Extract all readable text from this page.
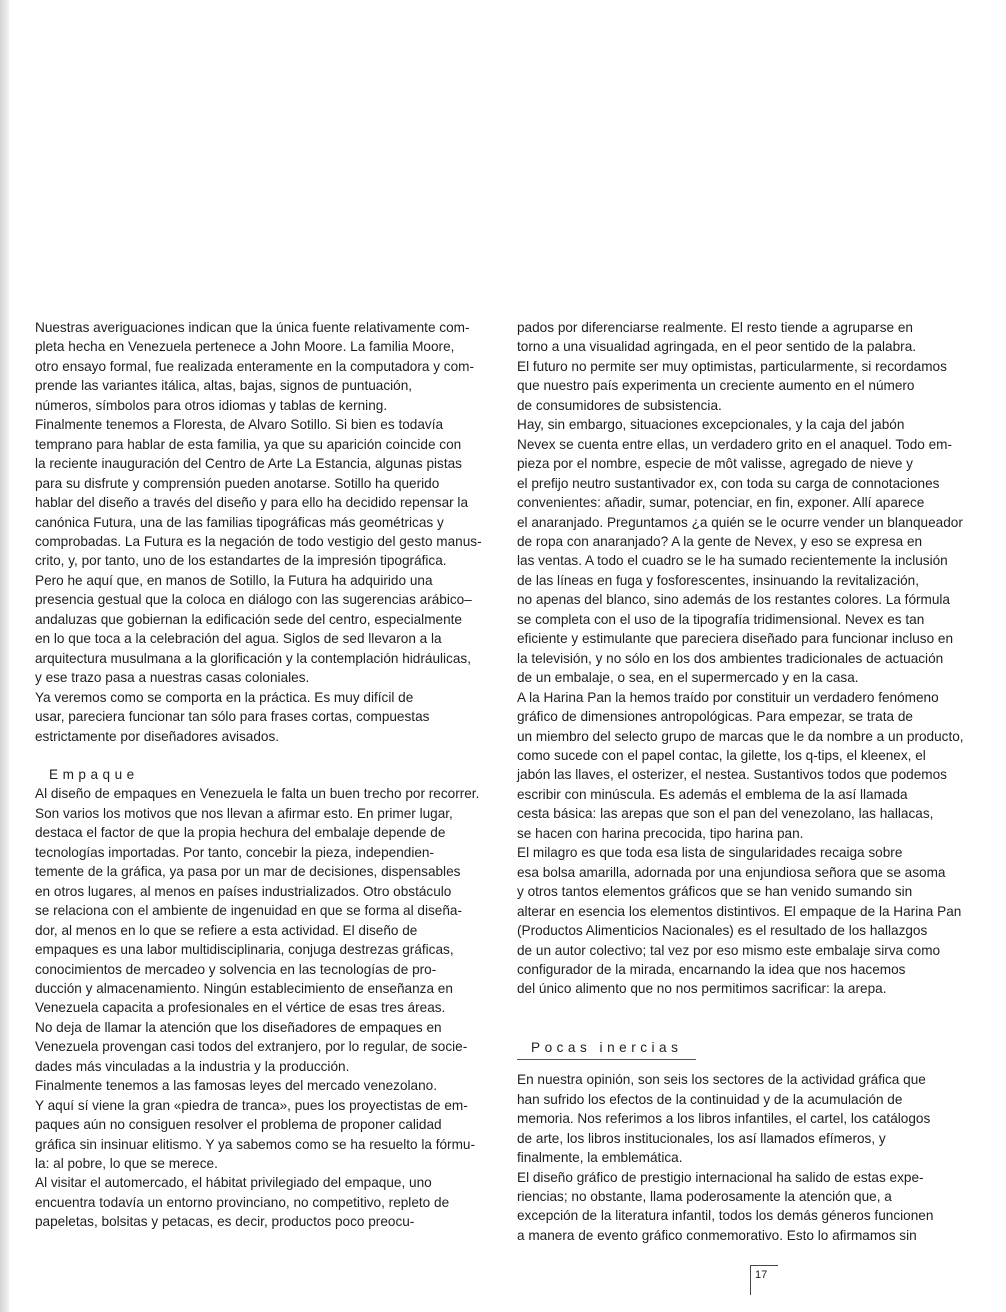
Nuestras averiguaciones indican que la única fuente relativamente com-
pleta hecha en Venezuela pertenece a John Moore. La familia Moore,
otro ensayo formal, fue realizada enteramente en la computadora y com-
prende las variantes itálica, altas, bajas, signos de puntuación,
números, símbolos para otros idiomas y tablas de kerning.
Finalmente tenemos a Floresta, de Alvaro Sotillo. Si bien es todavía
temprano para hablar de esta familia, ya que su aparición coincide con
la reciente inauguración del Centro de Arte La Estancia, algunas pistas
para su disfrute y comprensión pueden anotarse. Sotillo ha querido
hablar del diseño a través del diseño y para ello ha decidido repensar la
canónica Futura, una de las familias tipográficas más geométricas y
comprobadas. La Futura es la negación de todo vestigio del gesto manus-
crito, y, por tanto, uno de los estandartes de la impresión tipográfica.
Pero he aquí que, en manos de Sotillo, la Futura ha adquirido una
presencia gestual que la coloca en diálogo con las sugerencias arábico–
andaluzas que gobiernan la edificación sede del centro, especialmente
en lo que toca a la celebración del agua. Siglos de sed llevaron a la
arquitectura musulmana a la glorificación y la contemplación hidráulicas,
y ese trazo pasa a nuestras casas coloniales.
Ya veremos como se comporta en la práctica. Es muy difícil de
usar, pareciera funcionar tan sólo para frases cortas, compuestas
estrictamente por diseñadores avisados.
Empaque
Al diseño de empaques en Venezuela le falta un buen trecho por recorrer.
Son varios los motivos que nos llevan a afirmar esto. En primer lugar,
destaca el factor de que la propia hechura del embalaje depende de
tecnologías importadas. Por tanto, concebir la pieza, independien-
temente de la gráfica, ya pasa por un mar de decisiones, dispensables
en otros lugares, al menos en países industrializados. Otro obstáculo
se relaciona con el ambiente de ingenuidad en que se forma al diseña-
dor, al menos en lo que se refiere a esta actividad. El diseño de
empaques es una labor multidisciplinaria, conjuga destrezas gráficas,
conocimientos de mercadeo y solvencia en las tecnologías de pro-
ducción y almacenamiento. Ningún establecimiento de enseñanza en
Venezuela capacita a profesionales en el vértice de esas tres áreas.
No deja de llamar la atención que los diseñadores de empaques en
Venezuela provengan casi todos del extranjero, por lo regular, de socie-
dades más vinculadas a la industria y la producción.
Finalmente tenemos a las famosas leyes del mercado venezolano.
Y aquí sí viene la gran «piedra de tranca», pues los proyectistas de em-
paques aún no consiguen resolver el problema de proponer calidad
gráfica sin insinuar elitismo. Y ya sabemos como se ha resuelto la fórmu-
la: al pobre, lo que se merece.
Al visitar el automercado, el hábitat privilegiado del empaque, uno
encuentra todavía un entorno provinciano, no competitivo, repleto de
papeletas, bolsitas y petacas, es decir, productos poco preocu-
pados por diferenciarse realmente. El resto tiende a agruparse en
torno a una visualidad agringada, en el peor sentido de la palabra.
El futuro no permite ser muy optimistas, particularmente, si recordamos
que nuestro país experimenta un creciente aumento en el número
de consumidores de subsistencia.
Hay, sin embargo, situaciones excepcionales, y la caja del jabón
Nevex se cuenta entre ellas, un verdadero grito en el anaquel. Todo em-
pieza por el nombre, especie de môt valisse, agregado de nieve y
el prefijo neutro sustantivador ex, con toda su carga de connotaciones
convenientes: añadir, sumar, potenciar, en fin, exponer. Allí aparece
el anaranjado. Preguntamos ¿a quién se le ocurre vender un blanqueador
de ropa con anaranjado? A la gente de Nevex, y eso se expresa en
las ventas. A todo el cuadro se le ha sumado recientemente la inclusión
de las líneas en fuga y fosforescentes, insinuando la revitalización,
no apenas del blanco, sino además de los restantes colores. La fórmula
se completa con el uso de la tipografía tridimensional. Nevex es tan
eficiente y estimulante que pareciera diseñado para funcionar incluso en
la televisión, y no sólo en los dos ambientes tradicionales de actuación
de un embalaje, o sea, en el supermercado y en la casa.
A la Harina Pan la hemos traído por constituir un verdadero fenómeno
gráfico de dimensiones antropológicas. Para empezar, se trata de
un miembro del selecto grupo de marcas que le da nombre a un producto,
como sucede con el papel contac, la gilette, los q-tips, el kleenex, el
jabón las llaves, el osterizer, el nestea. Sustantivos todos que podemos
escribir con minúscula. Es además el emblema de la así llamada
cesta básica: las arepas que son el pan del venezolano, las hallacas,
se hacen con harina precocida, tipo harina pan.
El milagro es que toda esa lista de singularidades recaiga sobre
esa bolsa amarilla, adornada por una enjundiosa señora que se asoma
y otros tantos elementos gráficos que se han venido sumando sin
alterar en esencia los elementos distintivos. El empaque de la Harina Pan
(Productos Alimenticios Nacionales) es el resultado de los hallazgos
de un autor colectivo; tal vez por eso mismo este embalaje sirva como
configurador de la mirada, encarnando la idea que nos hacemos
del único alimento que no nos permitimos sacrificar: la arepa.
Pocas inercias
En nuestra opinión, son seis los sectores de la actividad gráfica que
han sufrido los efectos de la continuidad y de la acumulación de
memoria. Nos referimos a los libros infantiles, el cartel, los catálogos
de arte, los libros institucionales, los así llamados efímeros, y
finalmente, la emblemática.
El diseño gráfico de prestigio internacional ha salido de estas expe-
riencias; no obstante, llama poderosamente la atención que, a
excepción de la literatura infantil, todos los demás géneros funcionen
a manera de evento gráfico conmemorativo. Esto lo afirmamos sin
17
